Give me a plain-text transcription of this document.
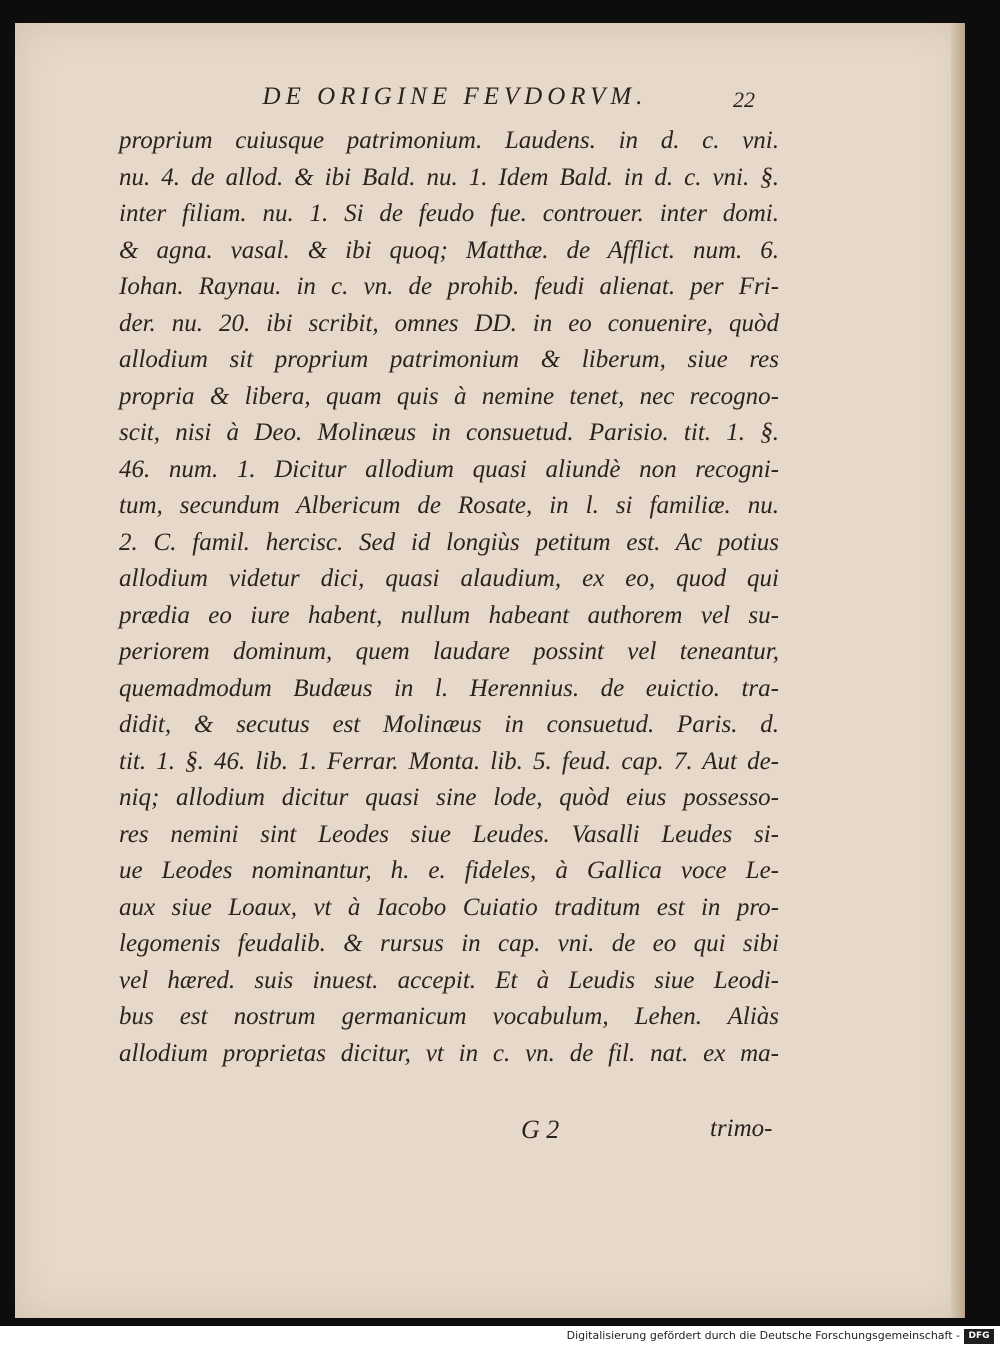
DE ORIGINE FEVDORVM.	22
proprium cuiusque patrimonium. Laudens. in d. c. vni.
nu. 4. de allod. & ibi Bald. nu. 1. Idem Bald. in d. c. vni. §.
inter filiam. nu. 1. Si de feudo fue. controuer. inter domi.
& agna. vasal. & ibi quoq; Matthæ. de Afflict. num. 6.
Iohan. Raynau. in c. vn. de prohib. feudi alienat. per Fri-
der. nu. 20. ibi scribit, omnes DD. in eo conuenire, quòd
allodium sit proprium patrimonium & liberum, siue res
propria & libera, quam quis à nemine tenet, nec recogno-
scit, nisi à Deo. Molinæus in consuetud. Parisio. tit. 1. §.
46. num. 1. Dicitur allodium quasi aliundè non recogni-
tum, secundum Albericum de Rosate, in l. si familiæ. nu.
2. C. famil. hercisc. Sed id longiùs petitum est. Ac potius
allodium videtur dici, quasi alaudium, ex eo, quod qui
prædia eo iure habent, nullum habeant authorem vel su-
periorem dominum, quem laudare possint vel teneantur,
quemadmodum Budæus in l. Herennius. de euictio. tra-
didit, & secutus est Molinæus in consuetud. Paris. d.
tit. 1. §. 46. lib. 1. Ferrar. Monta. lib. 5. feud. cap. 7. Aut de-
niq; allodium dicitur quasi sine lode, quòd eius possesso-
res nemini sint Leodes siue Leudes. Vasalli Leudes si-
ue Leodes nominantur, h. e. fideles, à Gallica voce Le-
aux siue Loaux, vt à Iacobo Cuiatio traditum est in pro-
legomenis feudalib. & rursus in cap. vni. de eo qui sibi
vel hæred. suis inuest. accepit. Et à Leudis siue Leodi-
bus est nostrum germanicum vocabulum, Lehen. Aliàs
allodium proprietas dicitur, vt in c. vn. de fil. nat. ex ma-
G 2	trimo-
Digitalisierung gefördert durch die Deutsche Forschungsgemeinschaft - DFG
